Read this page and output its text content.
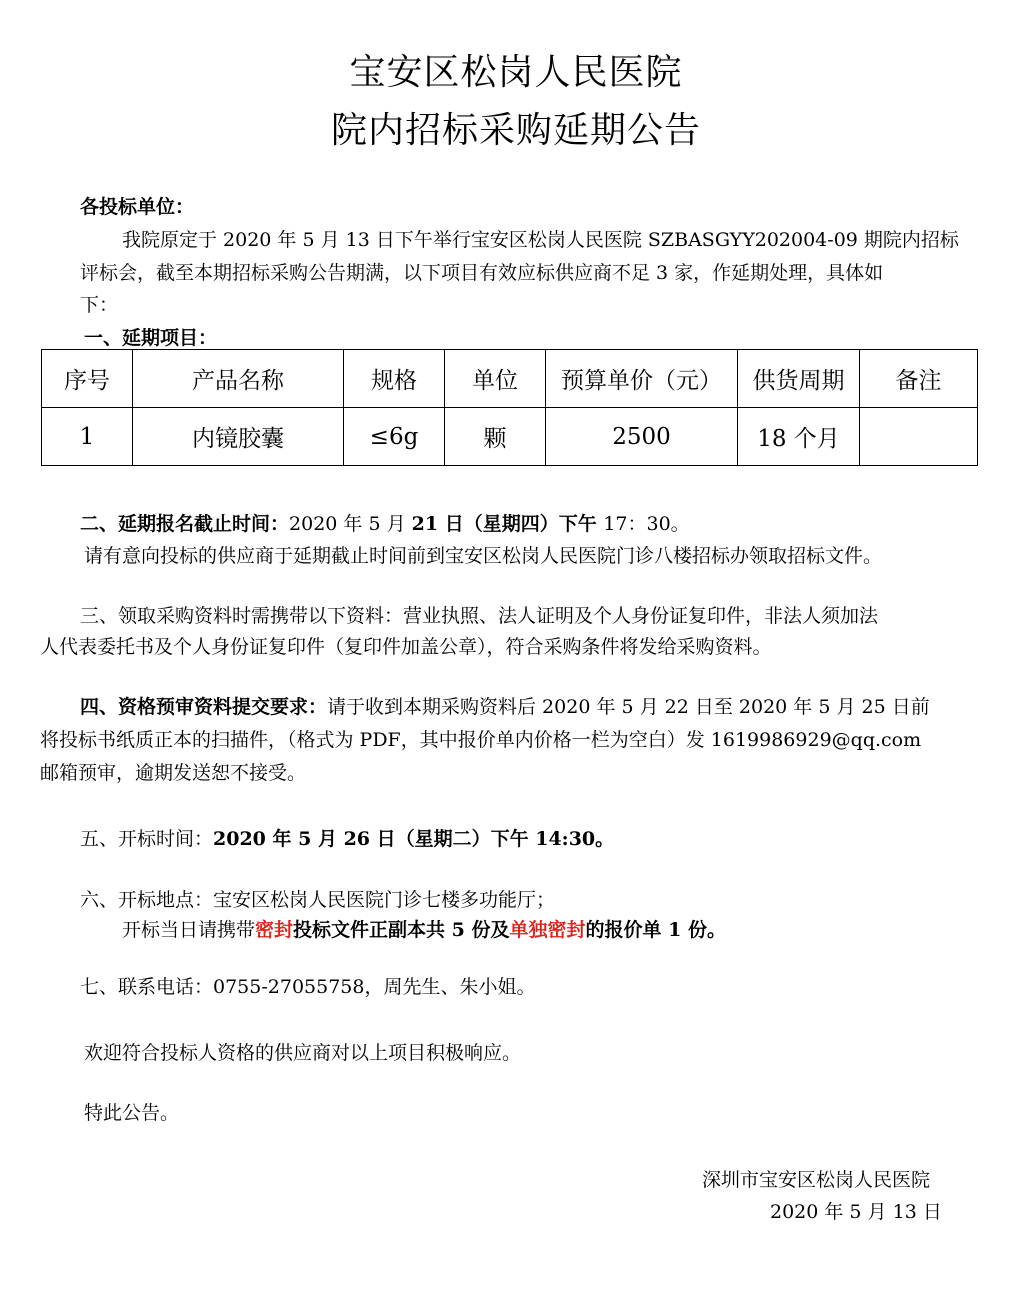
宝安区松岗人民医院
院内招标采购延期公告
各投标单位：
我院原定于 2020 年 5 月 13 日下午举行宝安区松岗人民医院 SZBASGYY202004-09 期院内招标
评标会，截至本期招标采购公告期满，以下项目有效应标供应商不足 3 家，作延期处理，具体如
下：
一、延期项目：
序号	产品名称	规格	单位	预算单价（元）	供货周期	备注
1	内镜胶囊	≤6g	颗	2500	18 个月	
二、延期报名截止时间：2020 年 5 月 21 日（星期四）下午 17：30。
请有意向投标的供应商于延期截止时间前到宝安区松岗人民医院门诊八楼招标办领取招标文件。
三、领取采购资料时需携带以下资料：营业执照、法人证明及个人身份证复印件，非法人须加法
人代表委托书及个人身份证复印件（复印件加盖公章），符合采购条件将发给采购资料。
四、资格预审资料提交要求：请于收到本期采购资料后 2020 年 5 月 22 日至 2020 年 5 月 25 日前
将投标书纸质正本的扫描件，（格式为 PDF，其中报价单内价格一栏为空白）发 1619986929@qq.com
邮箱预审，逾期发送恕不接受。
五、开标时间：2020 年 5 月 26 日（星期二）下午 14:30。
六、开标地点：宝安区松岗人民医院门诊七楼多功能厅；
开标当日请携带密封投标文件正副本共 5 份及单独密封的报价单 1 份。
七、联系电话：0755-27055758，周先生、朱小姐。
欢迎符合投标人资格的供应商对以上项目积极响应。
特此公告。
深圳市宝安区松岗人民医院
2020 年 5 月 13 日
